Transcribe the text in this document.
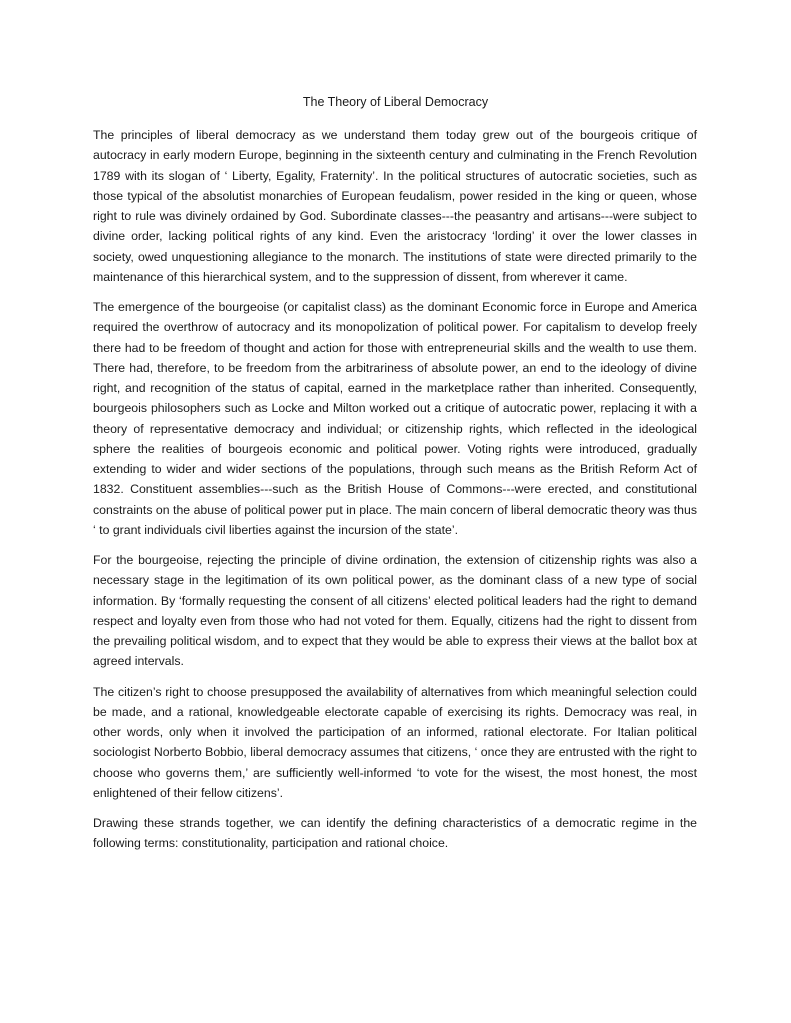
The Theory of Liberal Democracy

The principles of liberal democracy as we understand them today grew out of the bourgeois critique of autocracy in early modern Europe, beginning in the sixteenth century and culminating in the French Revolution 1789 with its slogan of ‘ Liberty, Egality, Fraternity’. In the political structures of autocratic societies, such as those typical of the absolutist monarchies of European feudalism, power resided in the king or queen, whose right to rule was divinely ordained by God. Subordinate classes---the peasantry and artisans---were subject to divine order, lacking political rights of any kind. Even the aristocracy ‘lording’ it over the lower classes in society, owed unquestioning allegiance to the monarch. The institutions of state were directed primarily to the maintenance of this hierarchical system, and to the suppression of dissent, from wherever it came.

The emergence of the bourgeoise (or capitalist class) as the dominant Economic force in Europe and America required the overthrow of autocracy and its monopolization of political power. For capitalism to develop freely there had to be freedom of thought and action for those with entrepreneurial skills and the wealth to use them. There had, therefore, to be freedom from the arbitrariness of absolute power, an end to the ideology of divine right, and recognition of the status of capital, earned in the marketplace rather than inherited. Consequently, bourgeois philosophers such as Locke and Milton worked out a critique of autocratic power, replacing it with a theory of representative democracy and individual; or citizenship rights, which reflected in the ideological sphere the realities of bourgeois economic and political power. Voting rights were introduced, gradually extending to wider and wider sections of the populations, through such means as the British Reform Act of 1832. Constituent assemblies---such as the British House of Commons---were erected, and constitutional constraints on the abuse of political power put in place. The main concern of liberal democratic theory was thus ‘ to grant individuals civil liberties against the incursion of the state’.

For the bourgeoise, rejecting the principle of divine ordination, the extension of citizenship rights was also a necessary stage in the legitimation of its own political power, as the dominant class of a new type of social information. By ‘formally requesting the consent of all citizens’ elected political leaders had the right to demand respect and loyalty even from those who had not voted for them. Equally, citizens had the right to dissent from the prevailing political wisdom, and to expect that they would be able to express their views at the ballot box at agreed intervals.

The citizen’s right to choose presupposed the availability of alternatives from which meaningful selection could be made, and a rational, knowledgeable electorate capable of exercising its rights. Democracy was real, in other words, only when it involved the participation of an informed, rational electorate. For Italian political sociologist Norberto Bobbio, liberal democracy assumes that citizens, ‘ once they are entrusted with the right to choose who governs them,’ are sufficiently well-informed ‘to vote for the wisest, the most honest, the most enlightened of their fellow citizens’.

Drawing these strands together, we can identify the defining characteristics of a democratic regime in the following terms: constitutionality, participation and rational choice.
